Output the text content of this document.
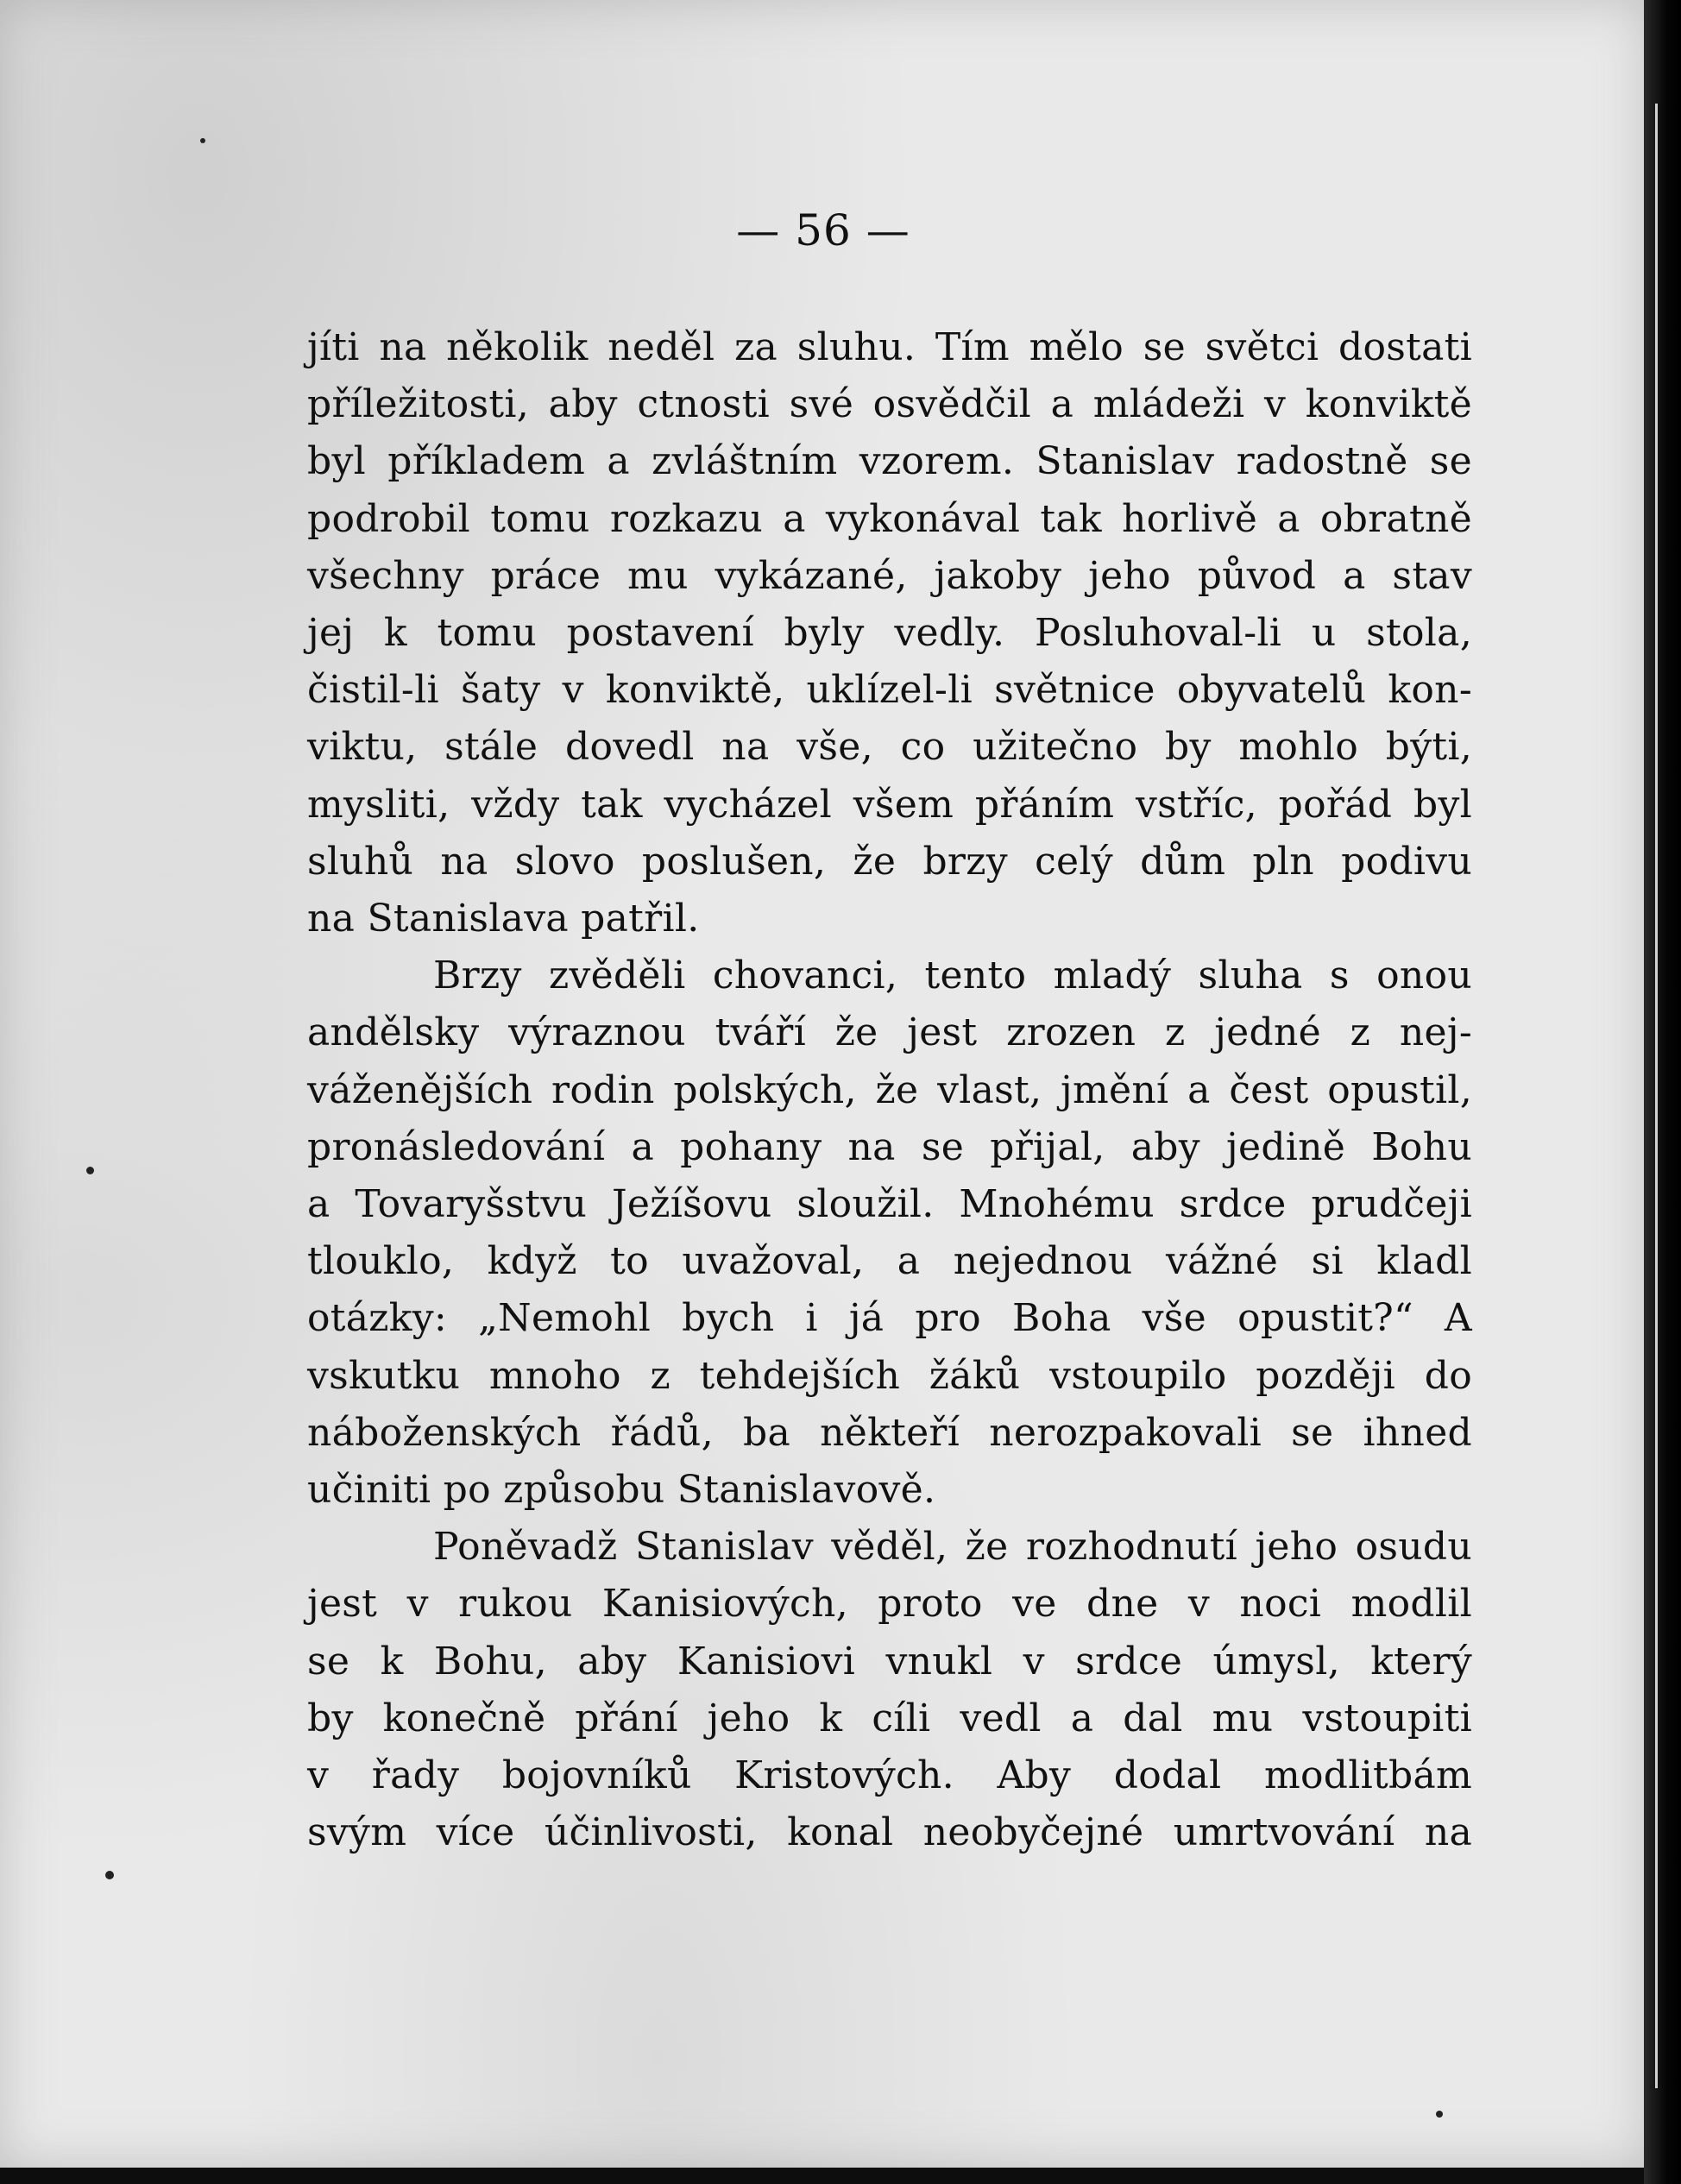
— 56 —
jíti na několik neděl za sluhu. Tím mělo se světci dostati
příležitosti, aby ctnosti své osvědčil a mládeži v konviktě
byl příkladem a zvláštním vzorem. Stanislav radostně se
podrobil tomu rozkazu a vykonával tak horlivě a obratně
všechny práce mu vykázané, jakoby jeho původ a stav
jej k tomu postavení byly vedly. Posluhoval-li u stola,
čistil-li šaty v konviktě, uklízel-li světnice obyvatelů kon-
viktu, stále dovedl na vše, co užitečno by mohlo býti,
mysliti, vždy tak vycházel všem přáním vstříc, pořád byl
sluhů na slovo poslušen, že brzy celý dům pln podivu
na Stanislava patřil.
Brzy zvěděli chovanci, tento mladý sluha s onou
andělsky výraznou tváří že jest zrozen z jedné z nej-
váženějších rodin polských, že vlast, jmění a čest opustil,
pronásledování a pohany na se přijal, aby jedině Bohu
a Tovaryšstvu Ježíšovu sloužil. Mnohému srdce prudčeji
tlouklo, když to uvažoval, a nejednou vážné si kladl
otázky: „Nemohl bych i já pro Boha vše opustit?“ A
vskutku mnoho z tehdejších žáků vstoupilo později do
náboženských řádů, ba někteří nerozpakovali se ihned
učiniti po způsobu Stanislavově.
Poněvadž Stanislav věděl, že rozhodnutí jeho osudu
jest v rukou Kanisiových, proto ve dne v noci modlil
se k Bohu, aby Kanisiovi vnukl v srdce úmysl, který
by konečně přání jeho k cíli vedl a dal mu vstoupiti
v řady bojovníků Kristových. Aby dodal modlitbám
svým více účinlivosti, konal neobyčejné umrtvování na
